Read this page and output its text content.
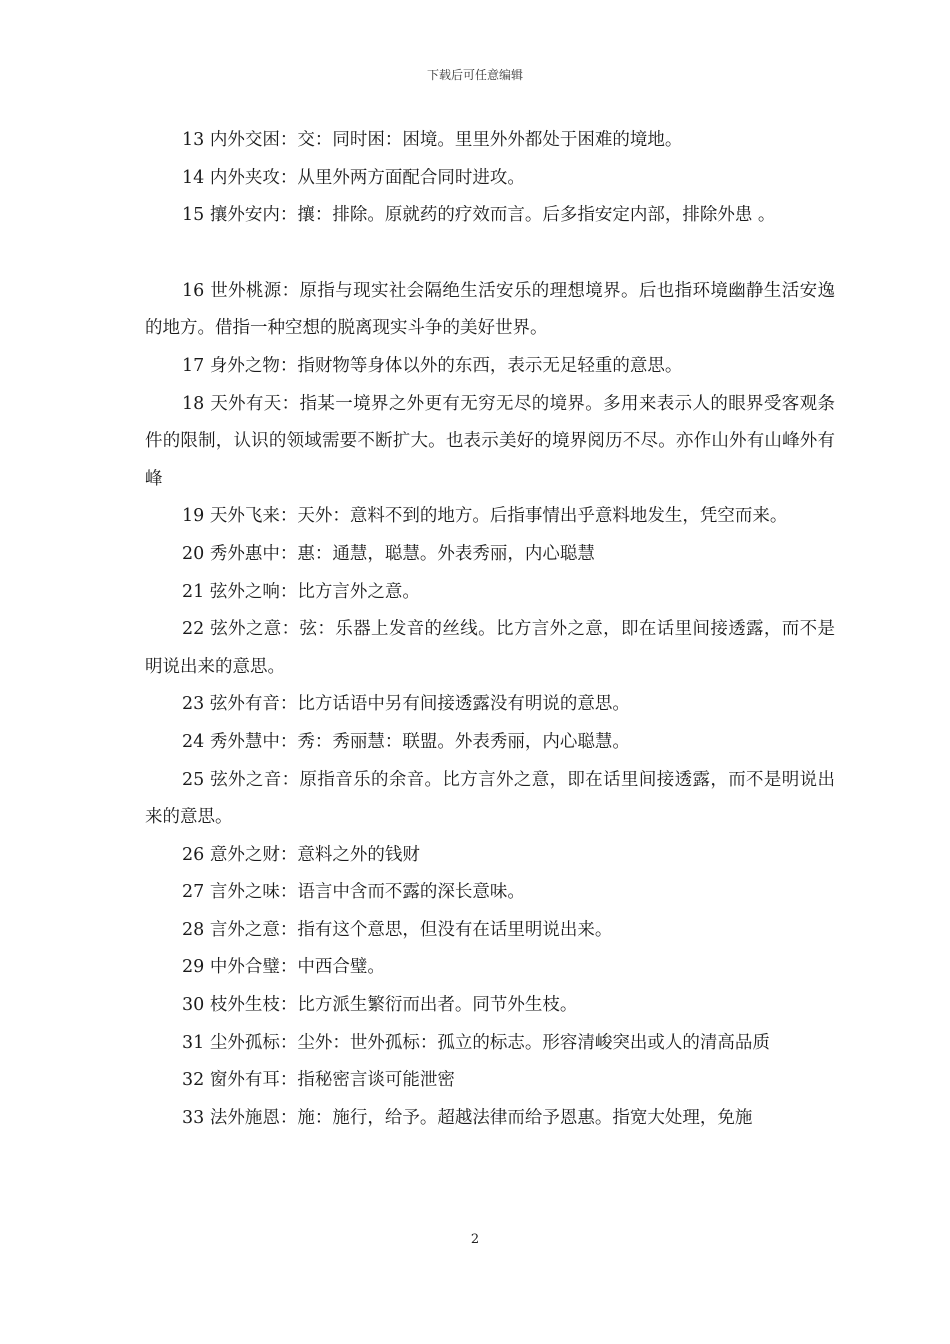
下载后可任意编辑

13 内外交困：交：同时困：困境。里里外外都处于困难的境地。

14 内外夹攻：从里外两方面配合同时进攻。

15 攘外安内：攘：排除。原就药的疗效而言。后多指安定内部，排除外患 。

16 世外桃源：原指与现实社会隔绝生活安乐的理想境界。后也指环境幽静生活安逸的地方。借指一种空想的脱离现实斗争的美好世界。

17 身外之物：指财物等身体以外的东西，表示无足轻重的意思。

18 天外有天：指某一境界之外更有无穷无尽的境界。多用来表示人的眼界受客观条件的限制，认识的领域需要不断扩大。也表示美好的境界阅历不尽。亦作山外有山峰外有峰

19 天外飞来：天外：意料不到的地方。后指事情出乎意料地发生，凭空而来。

20 秀外惠中：惠：通慧，聪慧。外表秀丽，内心聪慧

21 弦外之响：比方言外之意。

22 弦外之意：弦：乐器上发音的丝线。比方言外之意，即在话里间接透露，而不是明说出来的意思。

23 弦外有音：比方话语中另有间接透露没有明说的意思。

24 秀外慧中：秀：秀丽慧：联盟。外表秀丽，内心聪慧。

25 弦外之音：原指音乐的余音。比方言外之意，即在话里间接透露，而不是明说出来的意思。

26 意外之财：意料之外的钱财

27 言外之味：语言中含而不露的深长意味。

28 言外之意：指有这个意思，但没有在话里明说出来。

29 中外合璧：中西合璧。

30 枝外生枝：比方派生繁衍而出者。同节外生枝。

31 尘外孤标：尘外：世外孤标：孤立的标志。形容清峻突出或人的清高品质

32 窗外有耳：指秘密言谈可能泄密

33 法外施恩：施：施行，给予。超越法律而给予恩惠。指宽大处理，免施

2
